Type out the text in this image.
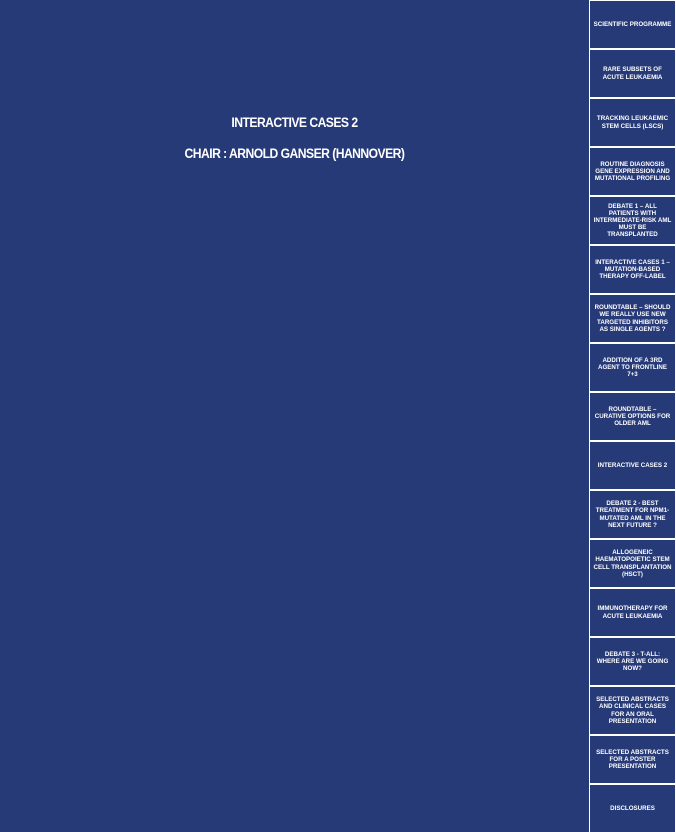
INTERACTIVE CASES 2
CHAIR : ARNOLD GANSER (HANNOVER)
SCIENTIFIC PROGRAMME
RARE SUBSETS OF ACUTE LEUKAEMIA
TRACKING LEUKAEMIC STEM CELLS (LSCS)
ROUTINE DIAGNOSIS GENE EXPRESSION AND MUTATIONAL PROFILING
DEBATE 1 – ALL PATIENTS WITH INTERMEDIATE-RISK AML MUST BE TRANSPLANTED
INTERACTIVE CASES 1 – MUTATION-BASED THERAPY OFF-LABEL
ROUNDTABLE – SHOULD WE REALLY USE NEW TARGETED INHIBITORS AS SINGLE AGENTS ?
ADDITION OF A 3RD AGENT TO FRONTLINE 7+3
ROUNDTABLE – CURATIVE OPTIONS FOR OLDER AML
INTERACTIVE CASES 2
DEBATE 2 - BEST TREATMENT FOR NPM1-MUTATED AML IN THE NEXT FUTURE ?
ALLOGENEIC HAEMATOPOIETIC STEM CELL TRANSPLANTATION (HSCT)
IMMUNOTHERAPY FOR ACUTE LEUKAEMIA
DEBATE 3 - T-ALL: WHERE ARE WE GOING NOW?
SELECTED ABSTRACTS AND CLINICAL CASES FOR AN ORAL PRESENTATION
SELECTED ABSTRACTS FOR A POSTER PRESENTATION
DISCLOSURES
